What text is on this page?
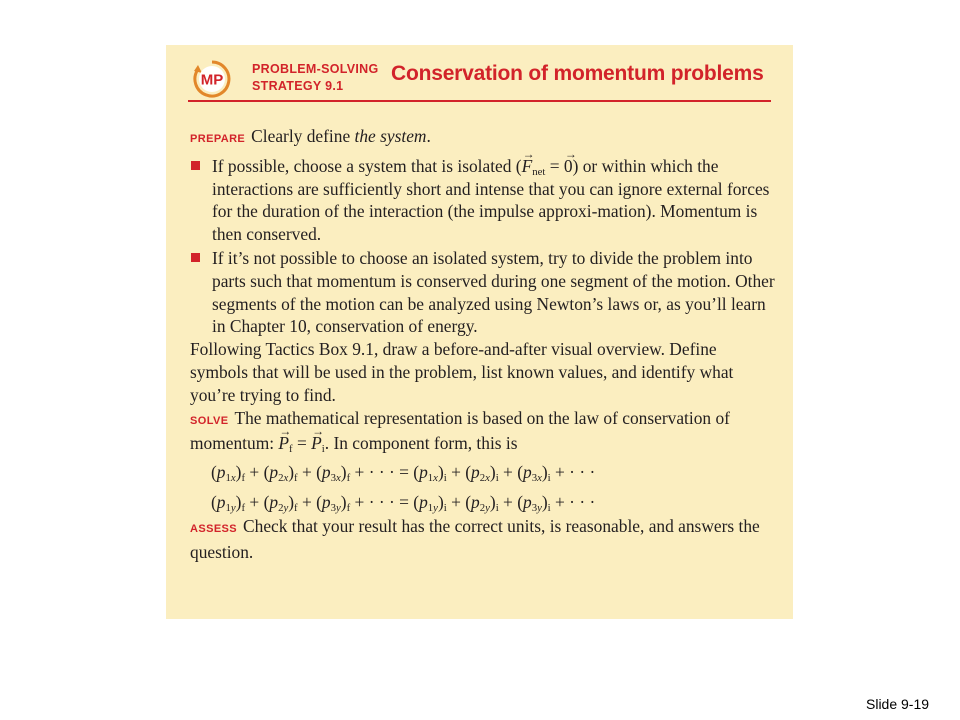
MP
PROBLEM-SOLVING
STRATEGY 9.1
Conservation of momentum problems

PREPARE Clearly define the system.

If possible, choose a system that is isolated (→ $F_{net}$ = → 0) or within which the interactions are sufficiently short and intense that you can ignore external forces for the duration of the interaction (the impulse approxi-mation). Momentum is then conserved.
If it’s not possible to choose an isolated system, try to divide the problem into parts such that momentum is conserved during one segment of the motion. Other segments of the motion can be analyzed using Newton’s laws or, as you’ll learn in Chapter 10, conservation of energy.

Following Tactics Box 9.1, draw a before-and-after visual overview. Define symbols that will be used in the problem, list known values, and identify what you’re trying to find.

SOLVE The mathematical representation is based on the law of conservation of momentum: → $P_f$ = → $P_i$. In component form, this is

$(p_{1x})_f + (p_{2x})_f + (p_{3x})_f$ + · · · = $(p_{1x})_i + (p_{2x})_i + (p_{3x})_i$ + · · ·
$(p_{1y})_f + (p_{2y})_f + (p_{3y})_f$ + · · · = $(p_{1y})_i + (p_{2y})_i + (p_{3y})_i$ + · · ·

ASSESS Check that your result has the correct units, is reasonable, and answers the question.

Slide 9-19
